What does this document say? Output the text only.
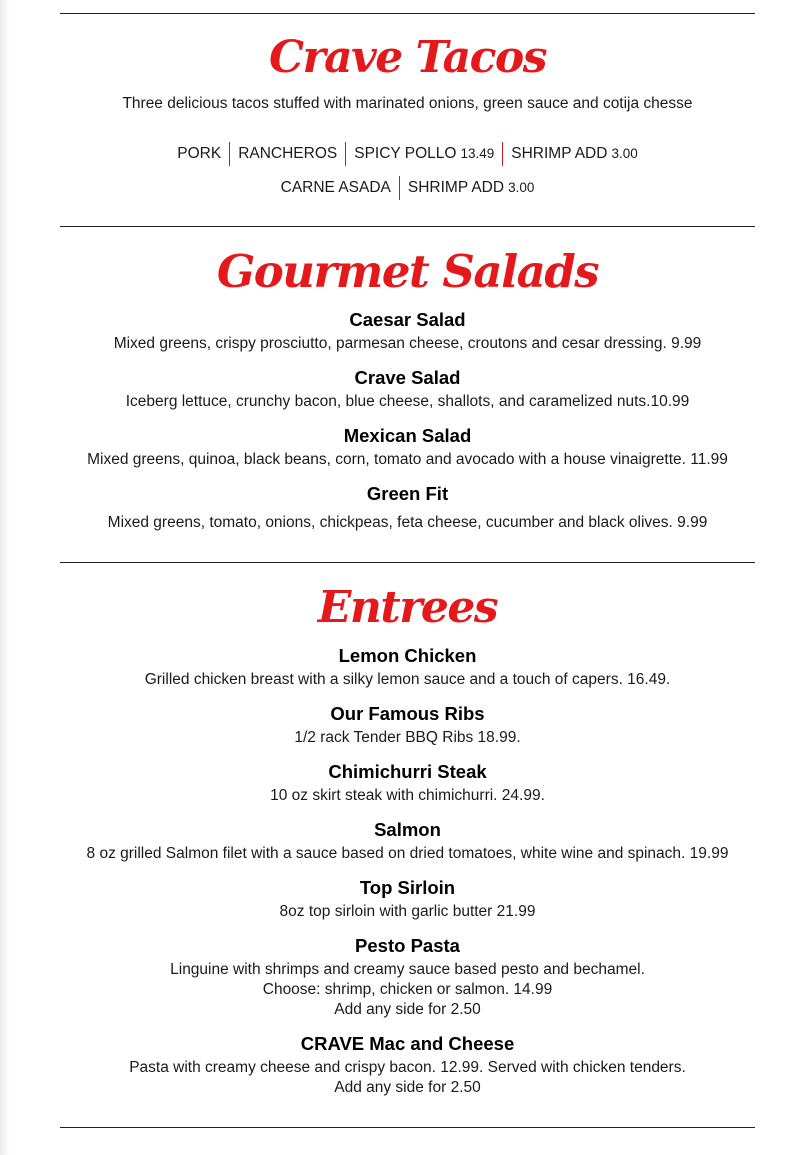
Crave Tacos
Three delicious tacos stuffed with marinated onions, green sauce and cotija chesse
PORK RANCHEROS SPICY POLLO 13.49 SHRIMP ADD 3.00
CARNE ASADA SHRIMP ADD 3.00
Gourmet Salads
Caesar Salad
Mixed greens, crispy prosciutto, parmesan cheese, croutons and cesar dressing. 9.99
Crave Salad
Iceberg lettuce, crunchy bacon, blue cheese, shallots, and caramelized nuts.10.99
Mexican Salad
Mixed greens, quinoa, black beans, corn, tomato and avocado with a house vinaigrette. 11.99
Green Fit
Mixed greens, tomato, onions, chickpeas, feta cheese, cucumber and black olives. 9.99
Entrees
Lemon Chicken
Grilled chicken breast with a silky lemon sauce and a touch of capers. 16.49.
Our Famous Ribs
1/2 rack Tender BBQ Ribs 18.99.
Chimichurri Steak
10 oz skirt steak with chimichurri. 24.99.
Salmon
8 oz grilled Salmon filet with a sauce based on dried tomatoes, white wine and spinach. 19.99
Top Sirloin
8oz top sirloin with garlic butter 21.99
Pesto Pasta
Linguine with shrimps and creamy sauce based pesto and bechamel.
Choose: shrimp, chicken or salmon. 14.99
Add any side for 2.50
CRAVE Mac and Cheese
Pasta with creamy cheese and crispy bacon. 12.99. Served with chicken tenders.
Add any side for 2.50
